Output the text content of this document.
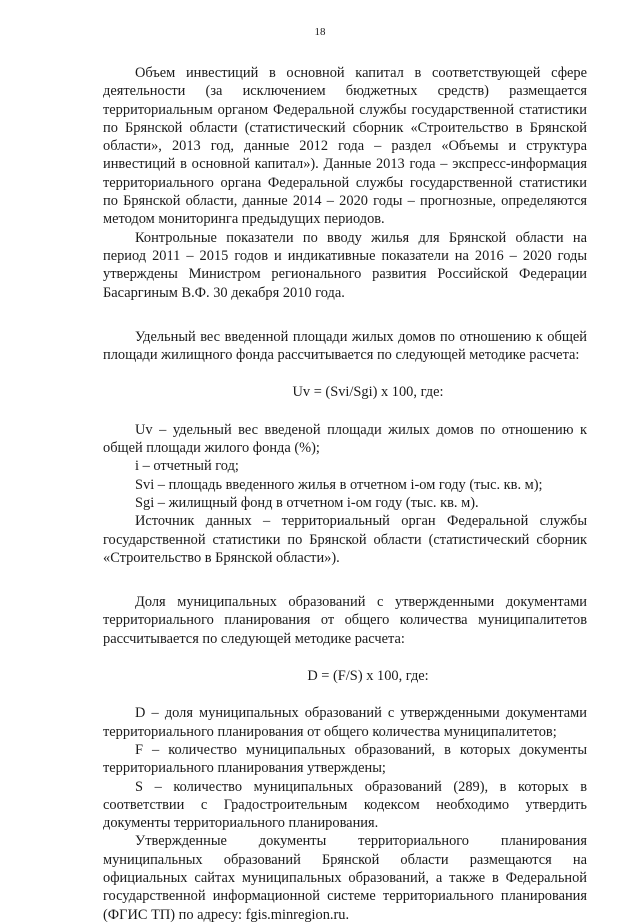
18

Объем инвестиций в основной капитал в соответствующей сфере деятельности (за исключением бюджетных средств) размещается территориальным органом Федеральной службы государственной статистики по Брянской области (статистический сборник «Строительство в Брянской области», 2013 год, данные 2012 года – раздел «Объемы и структура инвестиций в основной капитал»). Данные 2013 года – экспресс-информация территориального органа Федеральной службы государственной статистики по Брянской области, данные 2014 – 2020 годы – прогнозные, определяются методом мониторинга предыдущих периодов.

Контрольные показатели по вводу жилья для Брянской области на период 2011 – 2015 годов и индикативные показатели на 2016 – 2020 годы утверждены Министром регионального развития Российской Федерации Басаргиным В.Ф. 30 декабря 2010 года.

Удельный вес введенной площади жилых домов по отношению к общей площади жилищного фонда рассчитывается по следующей методике расчета:

Uv = (Svi/Sgi) x 100, где:

Uv – удельный вес введеной площади жилых домов по отношению к общей площади жилого фонда (%);

i – отчетный год;

Svi – площадь введенного жилья в отчетном i-ом году (тыс. кв. м);

Sgi – жилищный фонд в отчетном i-ом году (тыс. кв. м).

Источник данных – территориальный орган Федеральной службы государственной статистики по Брянской области (статистический сборник «Строительство в Брянской области»).

Доля муниципальных образований с утвержденными документами территориального планирования от общего количества муниципалитетов рассчитывается по следующей методике расчета:

D = (F/S) x 100, где:

D – доля муниципальных образований с утвержденными документами территориального планирования от общего количества муниципалитетов;

F – количество муниципальных образований, в которых документы территориального планирования утверждены;

S – количество муниципальных образований (289), в которых в соответствии с Градостроительным кодексом необходимо утвердить документы территориального планирования.

Утвержденные документы территориального планирования муниципальных образований Брянской области размещаются на официальных сайтах муниципальных образований, а также в Федеральной государственной информационной системе территориального планирования (ФГИС ТП) по адресу: fgis.minregion.ru.
